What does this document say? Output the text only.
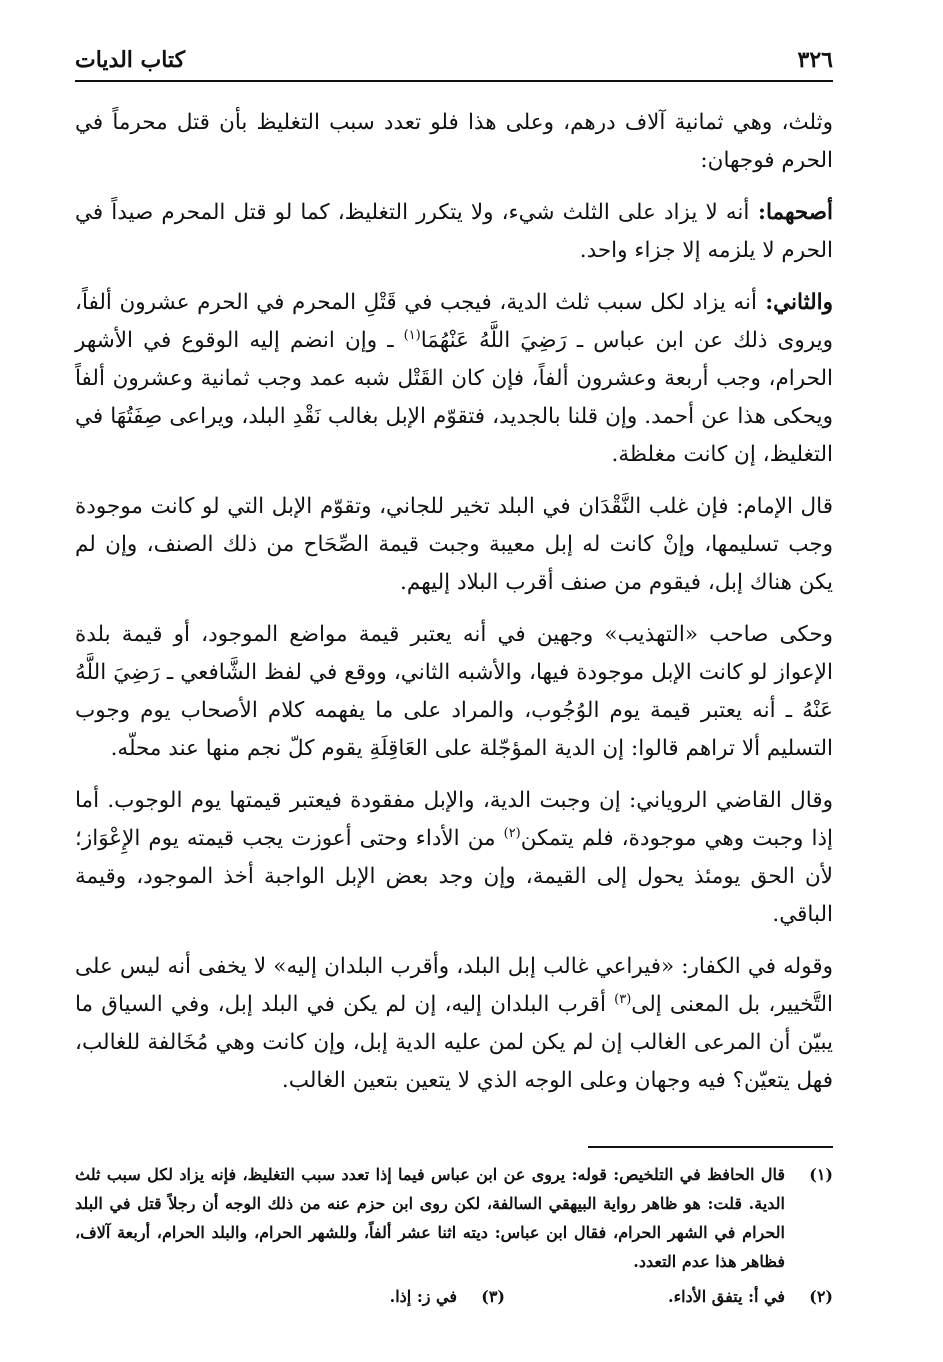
٣٢٦
كتاب الديات

وثلث، وهي ثمانية آلاف درهم، وعلى هذا فلو تعدد سبب التغليظ بأن قتل محرماً في الحرم فوجهان:

أصحهما: أنه لا يزاد على الثلث شيء، ولا يتكرر التغليظ، كما لو قتل المحرم صيداً في الحرم لا يلزمه إلا جزاء واحد.

والثاني: أنه يزاد لكل سبب ثلث الدية، فيجب في قَتْلِ المحرم في الحرم عشرون ألفاً، ويروى ذلك عن ابن عباس ـ رَضِيَ اللَّهُ عَنْهُمَا$^{(١)}$ ـ وإن انضم إليه الوقوع في الأشهر الحرام، وجب أربعة وعشرون ألفاً، فإن كان القَتْل شبه عمد وجب ثمانية وعشرون ألفاً ويحكى هذا عن أحمد. وإن قلنا بالجديد، فتقوّم الإبل بغالب نَقْدِ البلد، ويراعى صِفَتُهَا في التغليظ، إن كانت مغلظة.

قال الإمام: فإن غلب النَّقْدَان في البلد تخير للجاني، وتقوّم الإبل التي لو كانت موجودة وجب تسليمها، وإنْ كانت له إبل معيبة وجبت قيمة الصِّحَاح من ذلك الصنف، وإن لم يكن هناك إبل، فيقوم من صنف أقرب البلاد إليهم.

وحكى صاحب «التهذيب» وجهين في أنه يعتبر قيمة مواضع الموجود، أو قيمة بلدة الإعواز لو كانت الإبل موجودة فيها، والأشبه الثاني، ووقع في لفظ الشَّافعي ـ رَضِيَ اللَّهُ عَنْهُ ـ أنه يعتبر قيمة يوم الوُجُوب، والمراد على ما يفهمه كلام الأصحاب يوم وجوب التسليم ألا تراهم قالوا: إن الدية المؤجّلة على العَاقِلَةِ يقوم كلّ نجم منها عند محلّه.

وقال القاضي الروياني: إن وجبت الدية، والإبل مفقودة فيعتبر قيمتها يوم الوجوب. أما إذا وجبت وهي موجودة، فلم يتمكن$^{(٢)}$ من الأداء وحتى أعوزت يجب قيمته يوم الإِعْوَاز؛ لأن الحق يومئذ يحول إلى القيمة، وإن وجد بعض الإبل الواجبة أخذ الموجود، وقيمة الباقي.

وقوله في الكفار: «فيراعي غالب إبل البلد، وأقرب البلدان إليه» لا يخفى أنه ليس على التَّخيير، بل المعنى إلى$^{(٣)}$ أقرب البلدان إليه، إن لم يكن في البلد إبل، وفي السياق ما يبيّن أن المرعى الغالب إن لم يكن لمن عليه الدية إبل، وإن كانت وهي مُخَالفة للغالب، فهل يتعيّن؟ فيه وجهان وعلى الوجه الذي لا يتعين بتعين الغالب.

(١)
قال الحافظ في التلخيص: قوله: يروى عن ابن عباس فيما إذا تعدد سبب التغليظ، فإنه يزاد لكل سبب ثلث الدية. قلت: هو ظاهر رواية البيهقي السالفة، لكن روى ابن حزم عنه من ذلك الوجه أن رجلاً قتل في البلد الحرام في الشهر الحرام، فقال ابن عباس: ديته اثنا عشر ألفاً، وللشهر الحرام، والبلد الحرام، أربعة آلاف، فظاهر هذا عدم التعدد.
(٢)
في أ: يتفق الأداء.
(٣)
في ز: إذا.
